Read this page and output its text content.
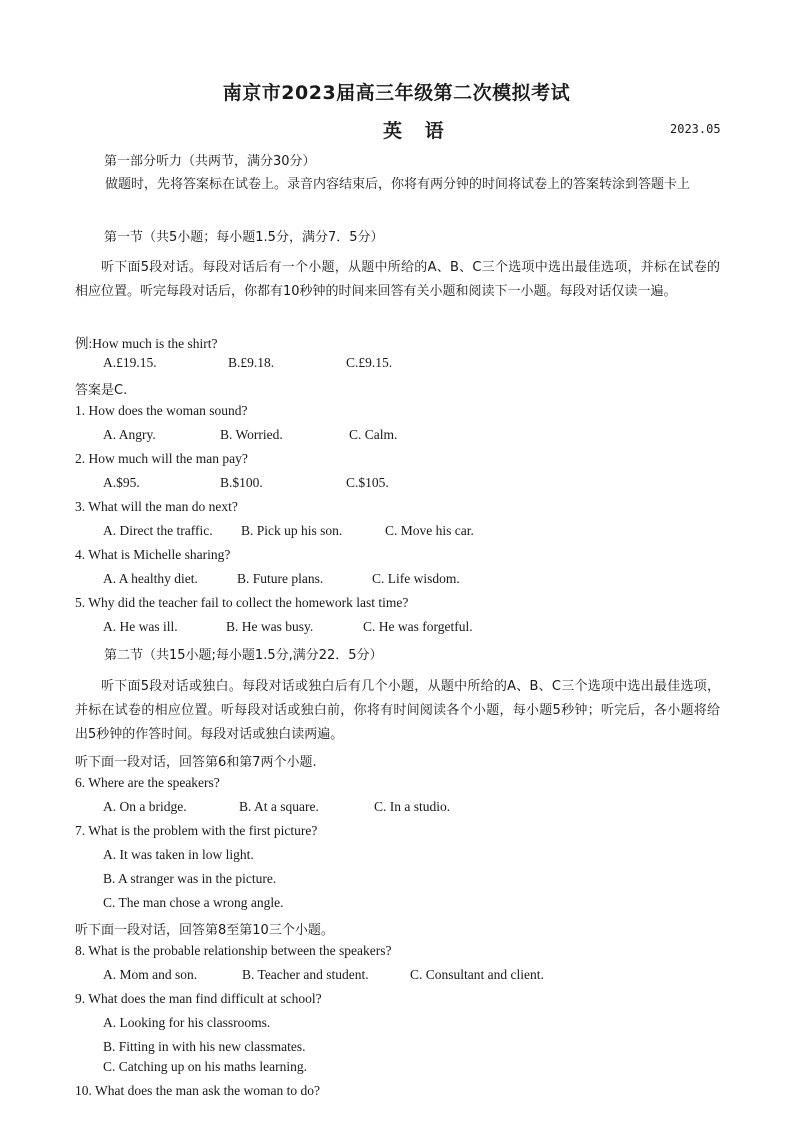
南京市2023届高三年级第二次模拟考试
英 语	2023.05
第一部分听力（共两节，满分30分）
做题时，先将答案标在试卷上。录音内容结束后，你将有两分钟的时间将试卷上的答案转涂到答题卡上
第一节（共5小题；每小题1.5分，满分7．5分）
听下面5段对话。每段对话后有一个小题，从题中所给的A、B、C三个选项中选出最佳选项，并标在试卷的相应位置。听完每段对话后，你都有10秒钟的时间来回答有关小题和阅读下一小题。每段对话仅读一遍。
例:How much is the shirt?
A.£19.15.	B.£9.18.	C.£9.15.
答案是C.
1. How does the woman sound?
A. Angry.	B. Worried.	C. Calm.
2. How much will the man pay?
A.$95.	B.$100.	C.$105.
3. What will the man do next?
A. Direct the traffic. B. Pick up his son.	C. Move his car.
4. What is Michelle sharing?
A. A healthy diet.	B. Future plans.	C. Life wisdom.
5. Why did the teacher fail to collect the homework last time?
A. He was ill.	B. He was busy.	C. He was forgetful.
第二节（共15小题;每小题1.5分,满分22．5分）
听下面5段对话或独白。每段对话或独白后有几个小题，从题中所给的A、B、C三个选项中选出最佳选项，并标在试卷的相应位置。听每段对话或独白前，你将有时间阅读各个小题，每小题5秒钟；听完后，各小题将给出5秒钟的作答时间。每段对话或独白读两遍。
听下面一段对话，回答第6和第7两个小题.
6. Where are the speakers?
A. On a bridge.	B. At a square.	C. In a studio.
7. What is the problem with the first picture?
A. It was taken in low light.
B. A stranger was in the picture.
C. The man chose a wrong angle.
听下面一段对话，回答第8至第10三个小题。
8. What is the probable relationship between the speakers?
A. Mom and son.	B. Teacher and student.	C. Consultant and client.
9. What does the man find difficult at school?
A. Looking for his classrooms.
B. Fitting in with his new classmates.
C. Catching up on his maths learning.
10. What does the man ask the woman to do?
